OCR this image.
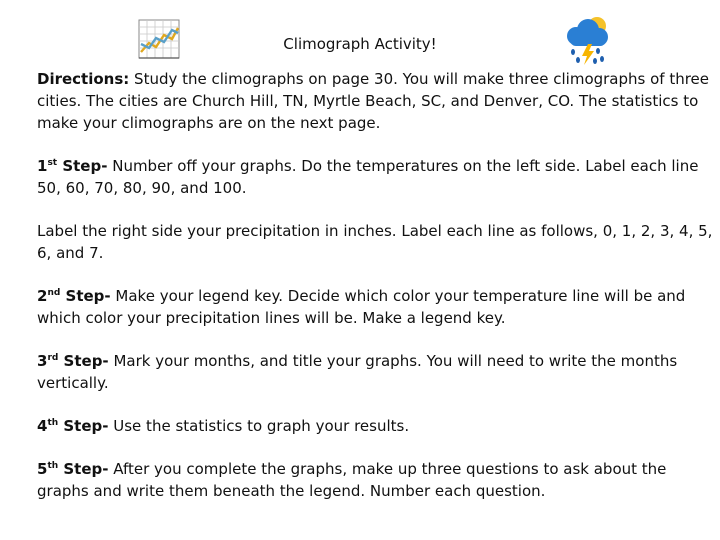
Climograph Activity!

Directions: Study the climographs on page 30. You will make three climographs of three cities. The cities are Church Hill, TN, Myrtle Beach, SC, and Denver, CO. The statistics to make your climographs are on the next page.

1st Step- Number off your graphs. Do the temperatures on the left side. Label each line 50, 60, 70, 80, 90, and 100.

Label the right side your precipitation in inches. Label each line as follows, 0, 1, 2, 3, 4, 5, 6, and 7.

2nd Step- Make your legend key. Decide which color your temperature line will be and which color your precipitation lines will be. Make a legend key.

3rd Step- Mark your months, and title your graphs. You will need to write the months vertically.

4th Step- Use the statistics to graph your results.

5th Step- After you complete the graphs, make up three questions to ask about the graphs and write them beneath the legend. Number each question.
